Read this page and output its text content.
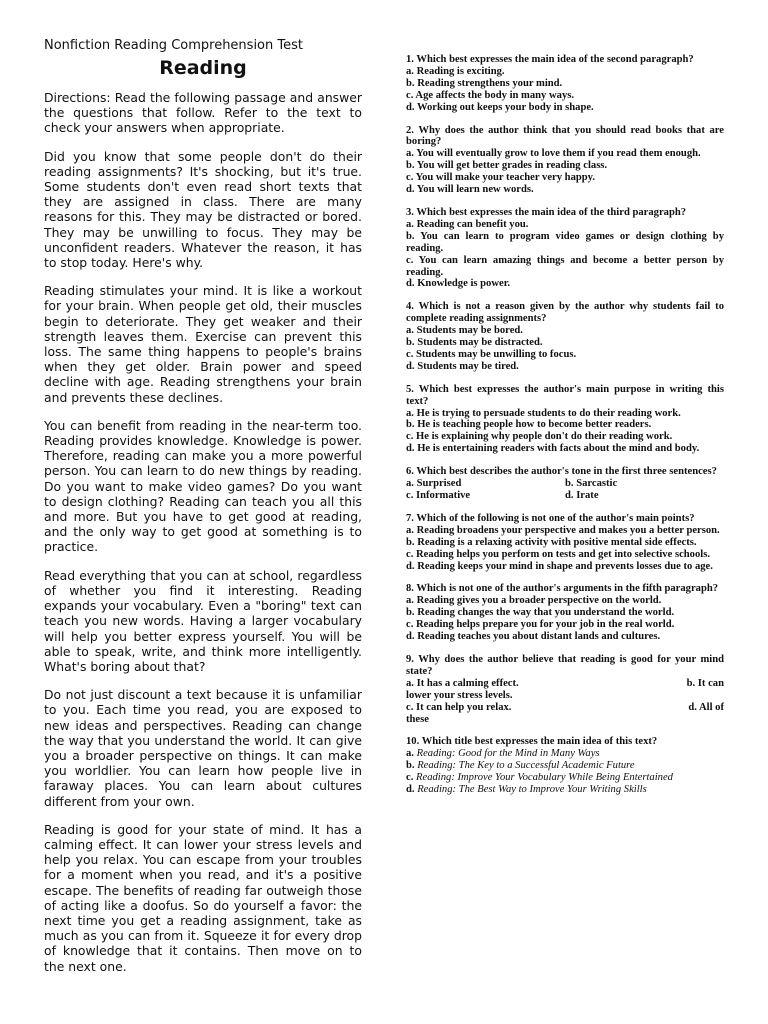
Nonfiction Reading Comprehension Test
Reading

Directions: Read the following passage and answer the questions that follow. Refer to the text to check your answers when appropriate.

Did you know that some people don't do their reading assignments? It's shocking, but it's true. Some students don't even read short texts that they are assigned in class. There are many reasons for this. They may be distracted or bored. They may be unwilling to focus. They may be unconfident readers. Whatever the reason, it has to stop today. Here's why.

Reading stimulates your mind. It is like a workout for your brain. When people get old, their muscles begin to deteriorate. They get weaker and their strength leaves them. Exercise can prevent this loss. The same thing happens to people's brains when they get older. Brain power and speed decline with age. Reading strengthens your brain and prevents these declines.

You can benefit from reading in the near-term too. Reading provides knowledge. Knowledge is power. Therefore, reading can make you a more powerful person. You can learn to do new things by reading. Do you want to make video games? Do you want to design clothing? Reading can teach you all this and more. But you have to get good at reading, and the only way to get good at something is to practice.

Read everything that you can at school, regardless of whether you find it interesting. Reading expands your vocabulary. Even a "boring" text can teach you new words. Having a larger vocabulary will help you better express yourself. You will be able to speak, write, and think more intelligently. What's boring about that?

Do not just discount a text because it is unfamiliar to you. Each time you read, you are exposed to new ideas and perspectives. Reading can change the way that you understand the world. It can give you a broader perspective on things. It can make you worldlier. You can learn how people live in faraway places. You can learn about cultures different from your own.

Reading is good for your state of mind. It has a calming effect. It can lower your stress levels and help you relax. You can escape from your troubles for a moment when you read, and it's a positive escape. The benefits of reading far outweigh those of acting like a doofus. So do yourself a favor: the next time you get a reading assignment, take as much as you can from it. Squeeze it for every drop of knowledge that it contains. Then move on to the next one.

1. Which best expresses the main idea of the second paragraph?
a. Reading is exciting.
b. Reading strengthens your mind.
c. Age affects the body in many ways.
d. Working out keeps your body in shape.
2. Why does the author think that you should read books that are boring?
a. You will eventually grow to love them if you read them enough.
b. You will get better grades in reading class.
c. You will make your teacher very happy.
d. You will learn new words.
3. Which best expresses the main idea of the third paragraph?
a. Reading can benefit you.
b. You can learn to program video games or design clothing by reading.
c. You can learn amazing things and become a better person by reading.
d. Knowledge is power.
4. Which is not a reason given by the author why students fail to complete reading assignments?
a. Students may be bored.
b. Students may be distracted.
c. Students may be unwilling to focus.
d. Students may be tired.
5. Which best expresses the author's main purpose in writing this text?
a. He is trying to persuade students to do their reading work.
b. He is teaching people how to become better readers.
c. He is explaining why people don't do their reading work.
d. He is entertaining readers with facts about the mind and body.
6. Which best describes the author's tone in the first three sentences?
a. Surprised	b. Sarcastic
c. Informative	d. Irate
7. Which of the following is not one of the author's main points?
a. Reading broadens your perspective and makes you a better person.
b. Reading is a relaxing activity with positive mental side effects.
c. Reading helps you perform on tests and get into selective schools.
d. Reading keeps your mind in shape and prevents losses due to age.
8. Which is not one of the author's arguments in the fifth paragraph?
a. Reading gives you a broader perspective on the world.
b. Reading changes the way that you understand the world.
c. Reading helps prepare you for your job in the real world.
d. Reading teaches you about distant lands and cultures.
9. Why does the author believe that reading is good for your mind state?
a. It has a calming effect.	b. It can
lower your stress levels.
c. It can help you relax.	d. All of
these
10. Which title best expresses the main idea of this text?
a. Reading: Good for the Mind in Many Ways
b. Reading: The Key to a Successful Academic Future
c. Reading: Improve Your Vocabulary While Being Entertained
d. Reading: The Best Way to Improve Your Writing Skills
